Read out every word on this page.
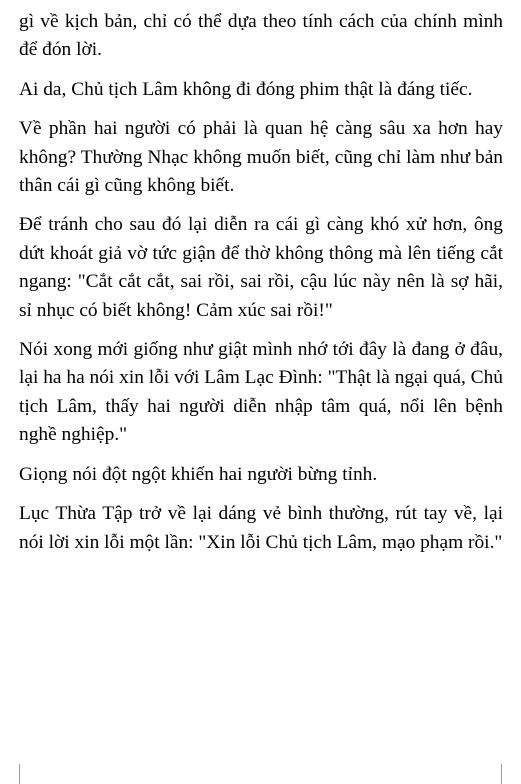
gì về kịch bản, chỉ có thể dựa theo tính cách của chính mình để đón lời.

Ai da, Chủ tịch Lâm không đi đóng phim thật là đáng tiếc.

Về phần hai người có phải là quan hệ càng sâu xa hơn hay không? Thường Nhạc không muốn biết, cũng chỉ làm như bản thân cái gì cũng không biết.

Để tránh cho sau đó lại diễn ra cái gì càng khó xử hơn, ông dứt khoát giả vờ tức giận để thờ không thông mà lên tiếng cắt ngang: "Cắt cắt cắt, sai rồi, sai rồi, cậu lúc này nên là sợ hãi, sỉ nhục có biết không! Cảm xúc sai rồi!"

Nói xong mới giống như giật mình nhớ tới đây là đang ở đâu, lại ha ha nói xin lỗi với Lâm Lạc Đình: "Thật là ngại quá, Chủ tịch Lâm, thấy hai người diễn nhập tâm quá, nổi lên bệnh nghề nghiệp."

Giọng nói đột ngột khiến hai người bừng tỉnh.

Lục Thừa Tập trở về lại dáng vẻ bình thường, rút tay về, lại nói lời xin lỗi một lần: "Xin lỗi Chủ tịch Lâm, mạo phạm rồi."
